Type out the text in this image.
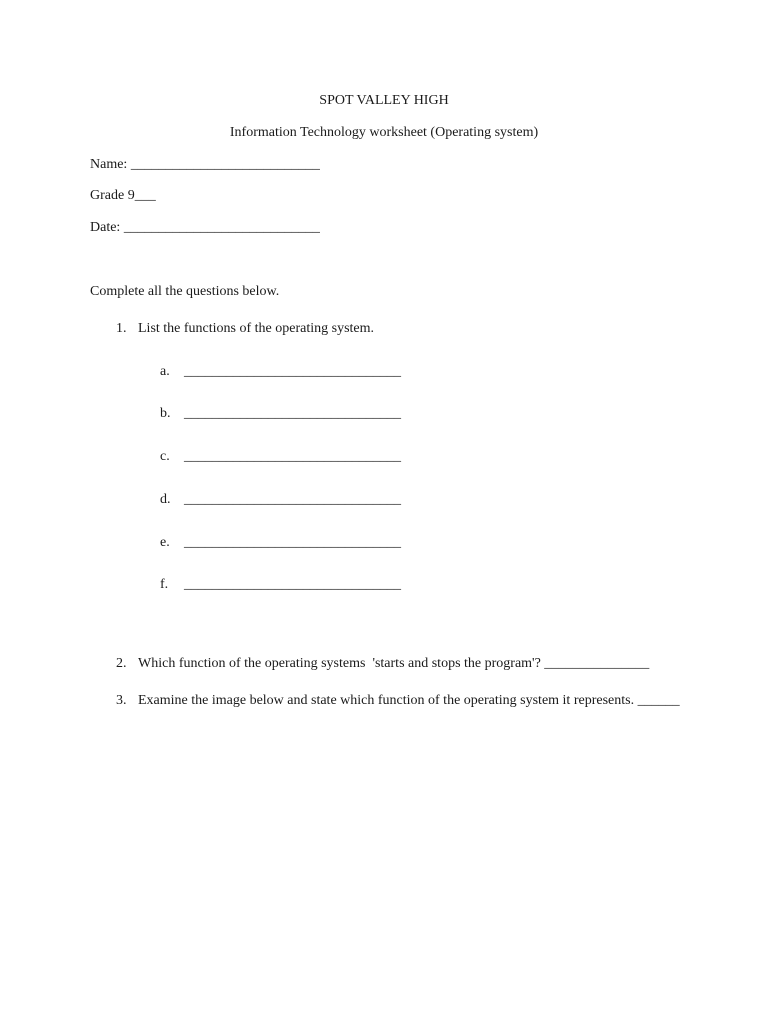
SPOT VALLEY HIGH
Information Technology worksheet (Operating system)
Name: ___________________________
Grade 9___
Date: ____________________________
Complete all the questions below.
1. List the functions of the operating system.
a. _______________________________
b. _______________________________
c. _______________________________
d. _______________________________
e. _______________________________
f. _______________________________
2. Which function of the operating systems  'starts and stops the program'? _______________
3. Examine the image below and state which function of the operating system it represents. ______
